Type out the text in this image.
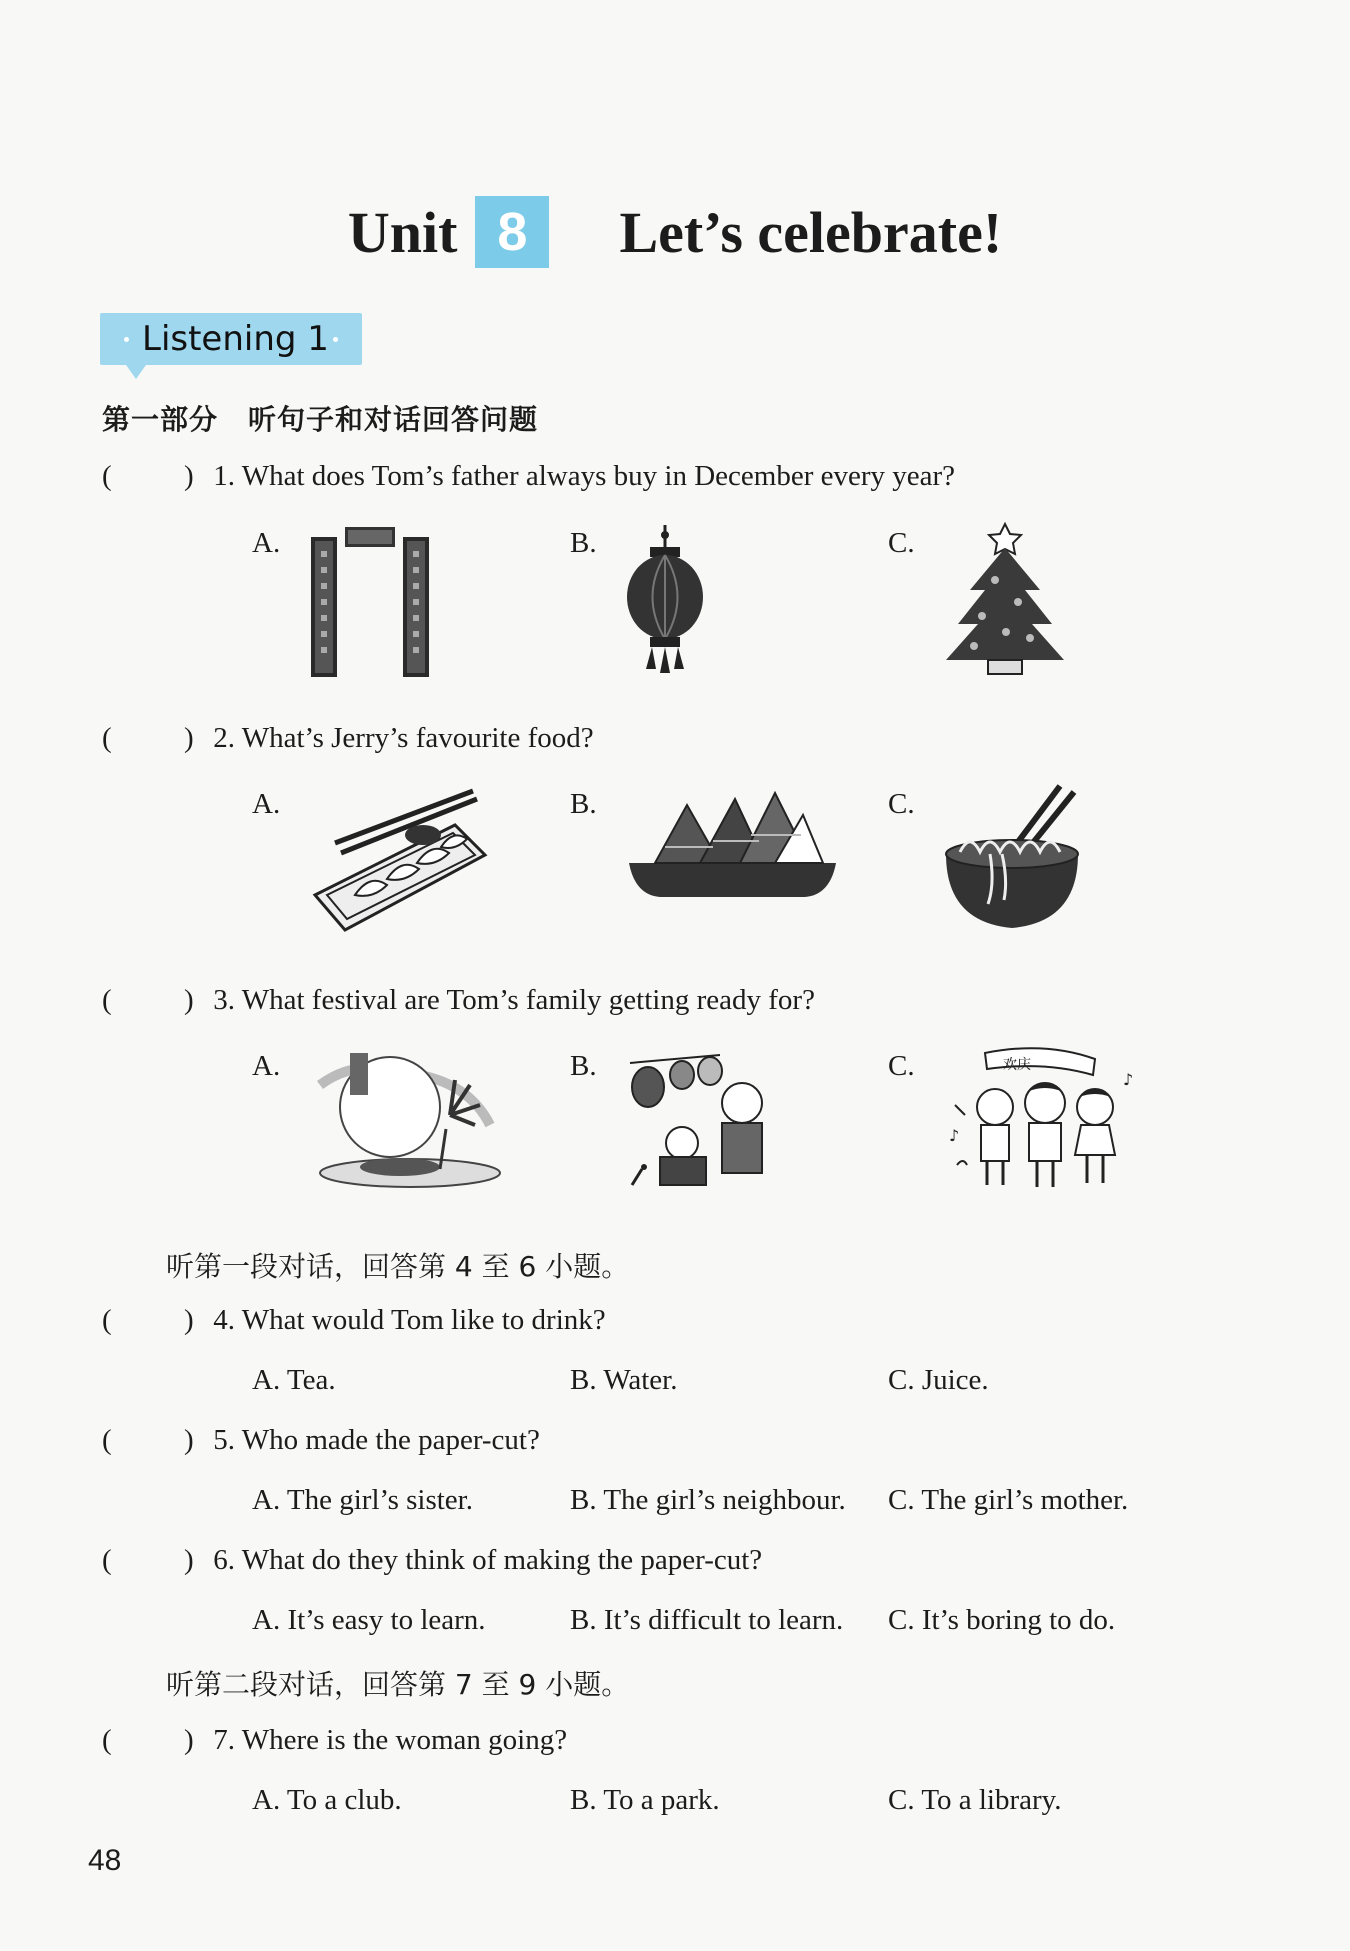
Unit 8	Let’s celebrate!
Listening 1
第一部分 听句子和对话回答问题
( ) 1. What does Tom’s father always buy in December every year?
A.	B.	C.
( ) 2. What’s Jerry’s favourite food?
A.	B.	C.
( ) 3. What festival are Tom’s family getting ready for?
A.	B.	C.	欢庆
♪
♪
听第一段对话，回答第 4 至 6 小题。
( ) 4. What would Tom like to drink?
A. Tea.	B. Water.	C. Juice.
( ) 5. Who made the paper-cut?
A. The girl’s sister.	B. The girl’s neighbour. C. The girl’s mother.
( ) 6. What do they think of making the paper-cut?
A. It’s easy to learn.	B. It’s difficult to learn. C. It’s boring to do.
听第二段对话，回答第 7 至 9 小题。
( ) 7. Where is the woman going?
A. To a club.	B. To a park.	C. To a library.
48
